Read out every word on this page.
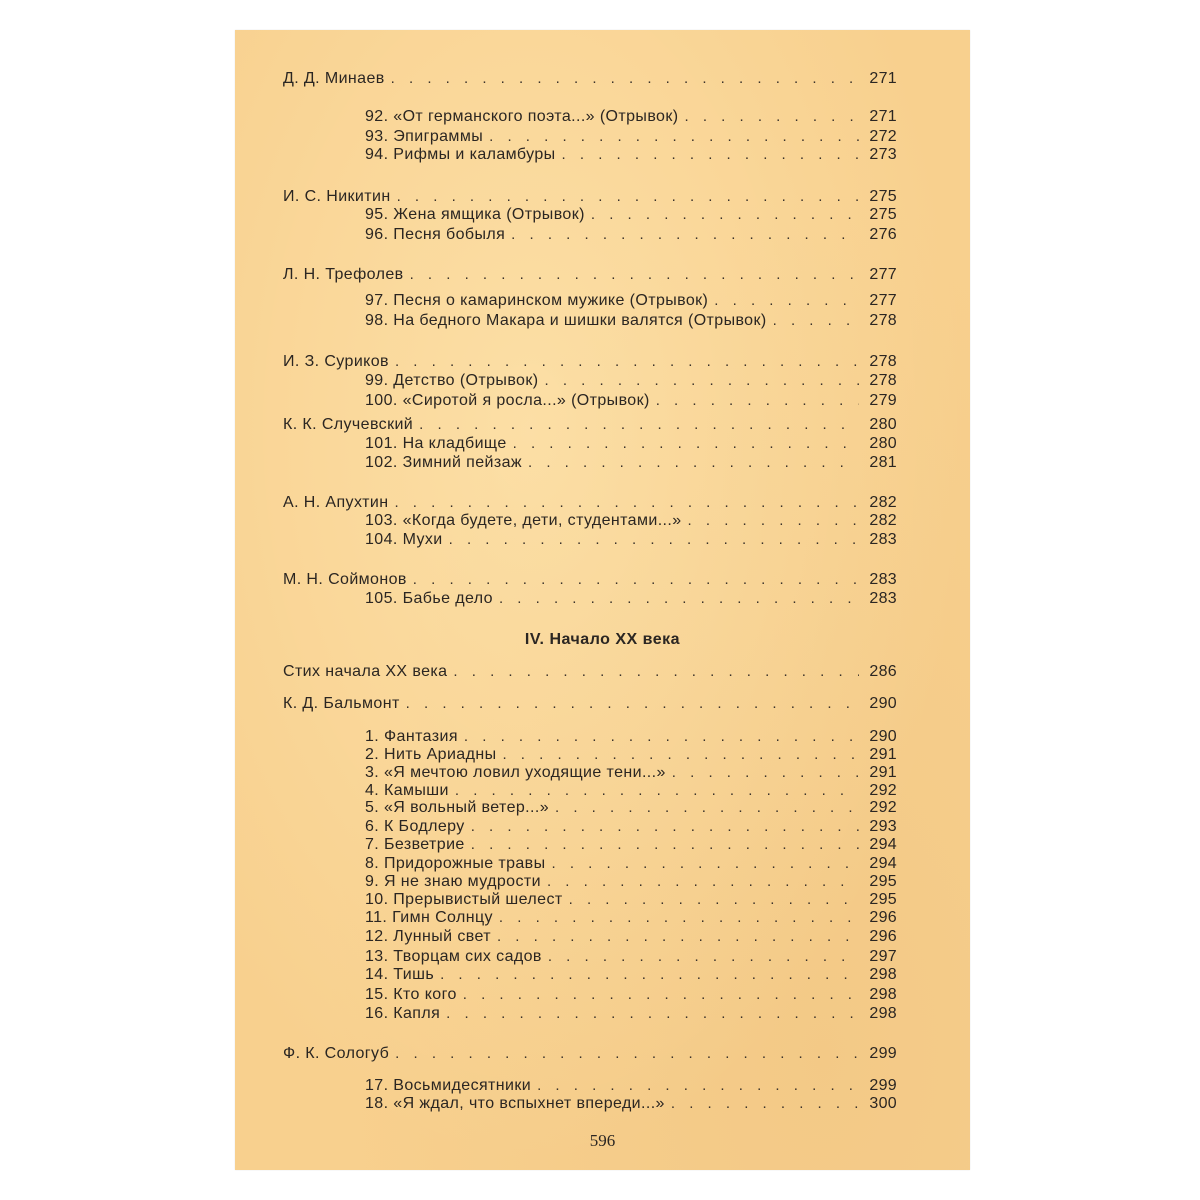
Д. Д. Минаев . . .	271
92. «От германского поэта...» (Отрывок) . . .	271
93. Эпиграммы . . .	272
94. Рифмы и каламбуры . . .	273
И. С. Никитин . . .	275
95. Жена ямщика (Отрывок) . . .	275
96. Песня бобыля . . .	276
Л. Н. Трефолев . . .	277
97. Песня о камаринском мужике (Отрывок) . . .	277
98. На бедного Макара и шишки валятся (Отрывок) . . .	278
И. З. Суриков . . .	278
99. Детство (Отрывок) . . .	278
100. «Сиротой я росла...» (Отрывок) . . .	279
К. К. Случевский . . .	280
101. На кладбище . . .	280
102. Зимний пейзаж . . .	281
А. Н. Апухтин . . .	282
103. «Когда будете, дети, студентами...» . . .	282
104. Мухи . . .	283
М. Н. Соймонов . . .	283
105. Бабье дело . . .	283
Стих начала XX века . . .	286
К. Д. Бальмонт . . .	290
1. Фантазия . . .	290
2. Нить Ариадны . . .	291
3. «Я мечтою ловил уходящие тени...» . . .	291
4. Камыши . . .	292
5. «Я вольный ветер...» . . .	292
6. К Бодлеру . . .	293
7. Безветрие . . .	294
8. Придорожные травы . . .	294
9. Я не знаю мудрости . . .	295
10. Прерывистый шелест . . .	295
11. Гимн Солнцу . . .	296
12. Лунный свет . . .	296
13. Творцам сих садов . . .	297
14. Тишь . . .	298
15. Кто кого . . .	298
16. Капля . . .	298
Ф. К. Сологуб . . .	299
17. Восьмидесятники . . .	299
18. «Я ждал, что вспыхнет впереди...» . . .	300
IV. Начало XX века
596
